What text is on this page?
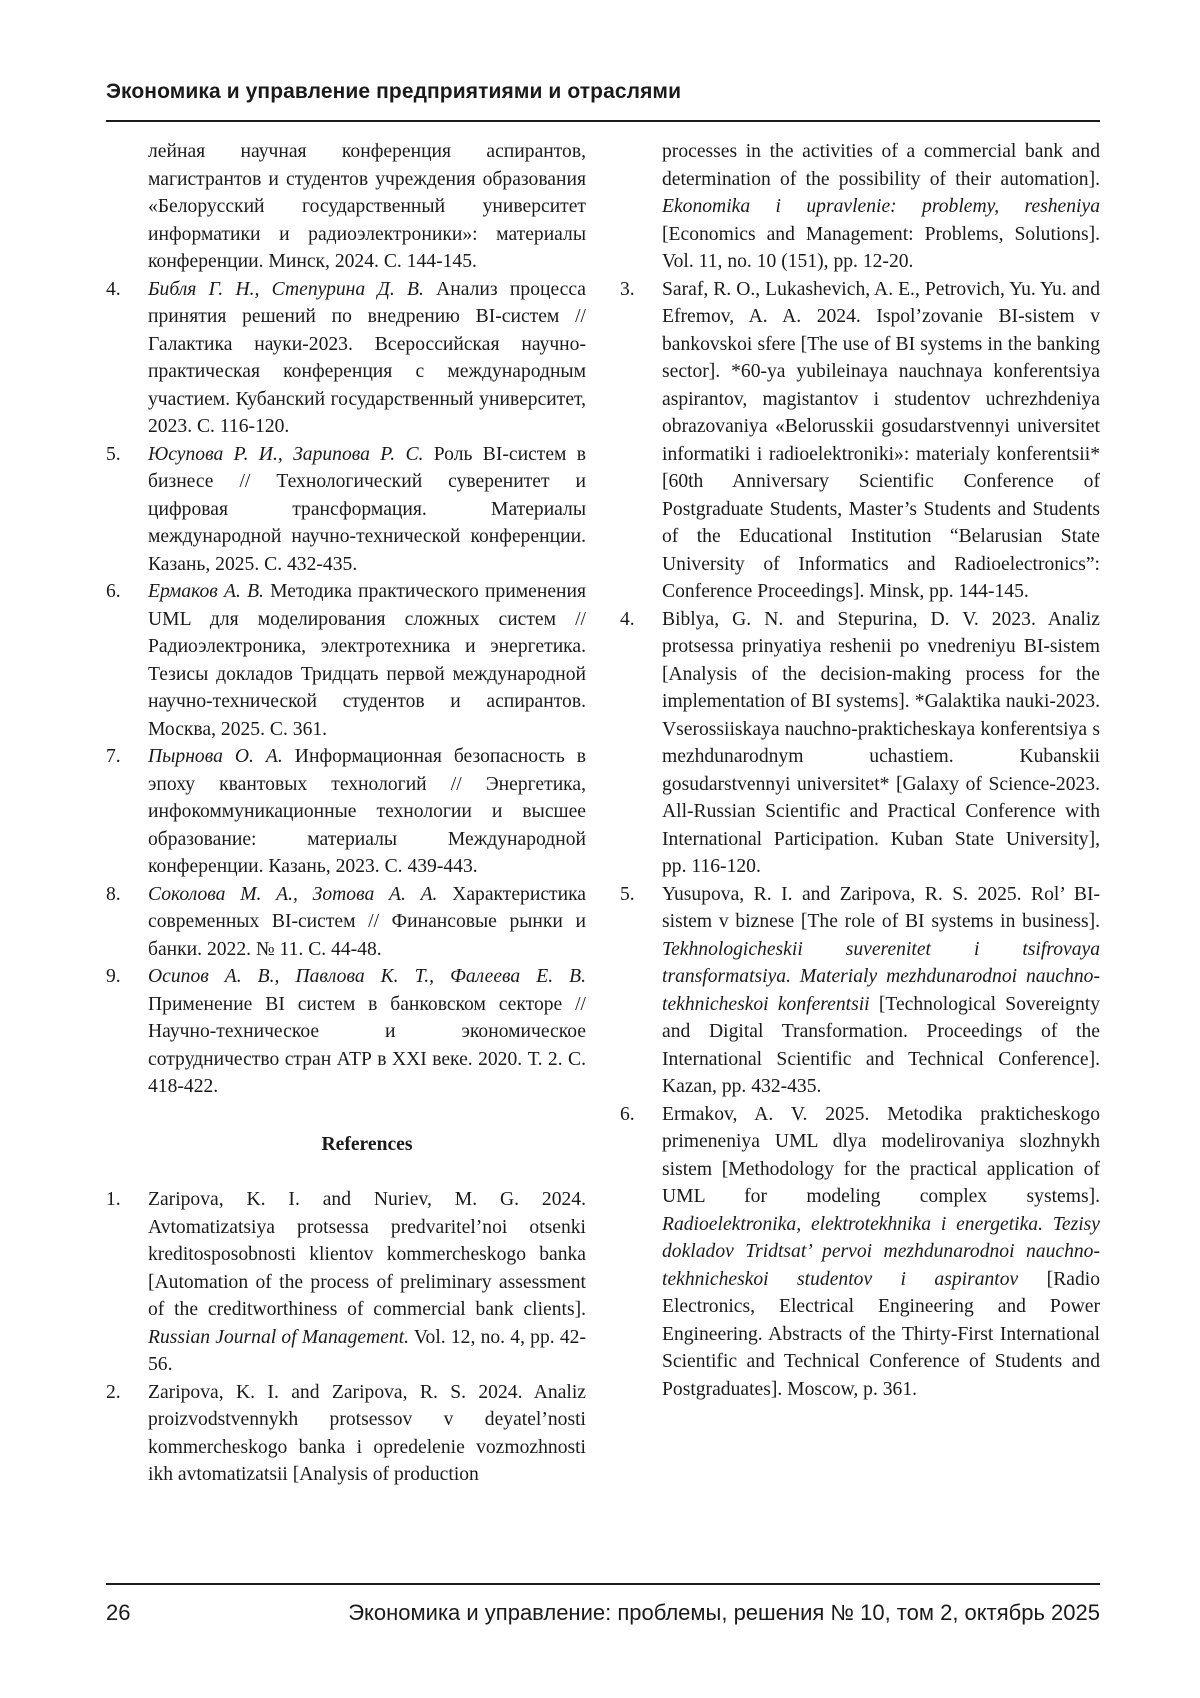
Экономика и управление предприятиями и отраслями
лейная научная конференция аспирантов, магистрантов и студентов учреждения образования «Белорусский государственный университет информатики и радиоэлектроники»: материалы конференции. Минск, 2024. С. 144-145.
4.	Библя Г. Н., Степурина Д. В. Анализ процесса принятия решений по внедрению BI-систем // Галактика науки-2023. Всероссийская научно-практическая конференция с международным участием. Кубанский государственный университет, 2023. С. 116-120.
5.	Юсупова Р. И., Зарипова Р. С. Роль BI-систем в бизнесе // Технологический суверенитет и цифровая трансформация. Материалы международной научно-технической конференции. Казань, 2025. С. 432-435.
6.	Ермаков А. В. Методика практического применения UML для моделирования сложных систем // Радиоэлектроника, электротехника и энергетика. Тезисы докладов Тридцать первой международной научно-технической студентов и аспирантов. Москва, 2025. С. 361.
7.	Пырнова О. А. Информационная безопасность в эпоху квантовых технологий // Энергетика, инфокоммуникационные технологии и высшее образование: материалы Международной конференции. Казань, 2023. С. 439-443.
8.	Соколова М. А., Зотова А. А. Характеристика современных BI-систем // Финансовые рынки и банки. 2022. № 11. С. 44-48.
9.	Осипов А. В., Павлова К. Т., Фалеева Е. В. Применение BI систем в банковском секторе // Научно-техническое и экономическое сотрудничество стран АТР в XXI веке. 2020. Т. 2. С. 418-422.
References
1.	Zaripova, K. I. and Nuriev, M. G. 2024. Avtomatizatsiya protsessa predvaritel’noi otsenki kreditosposobnosti klientov kommercheskogo banka [Automation of the process of preliminary assessment of the creditworthiness of commercial bank clients]. Russian Journal of Management. Vol. 12, no. 4, pp. 42-56.
2.	Zaripova, K. I. and Zaripova, R. S. 2024. Analiz proizvodstvennykh protsessov v deyatel’nosti kommercheskogo banka i opredelenie vozmozhnosti ikh avtomatizatsii [Analysis of production
processes in the activities of a commercial bank and determination of the possibility of their automation]. Ekonomika i upravlenie: problemy, resheniya [Economics and Management: Problems, Solutions]. Vol. 11, no. 10 (151), pp. 12-20.
3.	Saraf, R. O., Lukashevich, A. E., Petrovich, Yu. Yu. and Efremov, A. A. 2024. Ispol’zovanie BI-sistem v bankovskoi sfere [The use of BI systems in the banking sector]. *60-ya yubileinaya nauchnaya konferentsiya aspirantov, magistantov i studentov uchrezhdeniya obrazovaniya «Belorusskii gosudarstvennyi universitet informatiki i radioelektroniki»: materialy konferentsii* [60th Anniversary Scientific Conference of Postgraduate Students, Master’s Students and Students of the Educational Institution “Belarusian State University of Informatics and Radioelectronics”: Conference Proceedings]. Minsk, pp. 144-145.
4.	Biblya, G. N. and Stepurina, D. V. 2023. Analiz protsessa prinyatiya reshenii po vnedreniyu BI-sistem [Analysis of the decision-making process for the implementation of BI systems]. *Galaktika nauki-2023. Vserossiiskaya nauchno-prakticheskaya konferentsiya s mezhdunarodnym uchastiem. Kubanskii gosudarstvennyi universitet* [Galaxy of Science-2023. All-Russian Scientific and Practical Conference with International Participation. Kuban State University], pp. 116-120.
5.	Yusupova, R. I. and Zaripova, R. S. 2025. Rol’ BI-sistem v biznese [The role of BI systems in business]. Tekhnologicheskii suverenitet i tsifrovaya transformatsiya. Materialy mezhdunarodnoi nauchno-tekhnicheskoi konferentsii [Technological Sovereignty and Digital Transformation. Proceedings of the International Scientific and Technical Conference]. Kazan, pp. 432-435.
6.	Ermakov, A. V. 2025. Metodika prakticheskogo primeneniya UML dlya modelirovaniya slozhnykh sistem [Methodology for the practical application of UML for modeling complex systems]. Radioelektronika, elektrotekhnika i energetika. Tezisy dokladov Tridtsat’ pervoi mezhdunarodnoi nauchno-tekhnicheskoi studentov i aspirantov [Radio Electronics, Electrical Engineering and Power Engineering. Abstracts of the Thirty-First International Scientific and Technical Conference of Students and Postgraduates]. Moscow, p. 361.
26	Экономика и управление: проблемы, решения № 10, том 2, октябрь 2025
